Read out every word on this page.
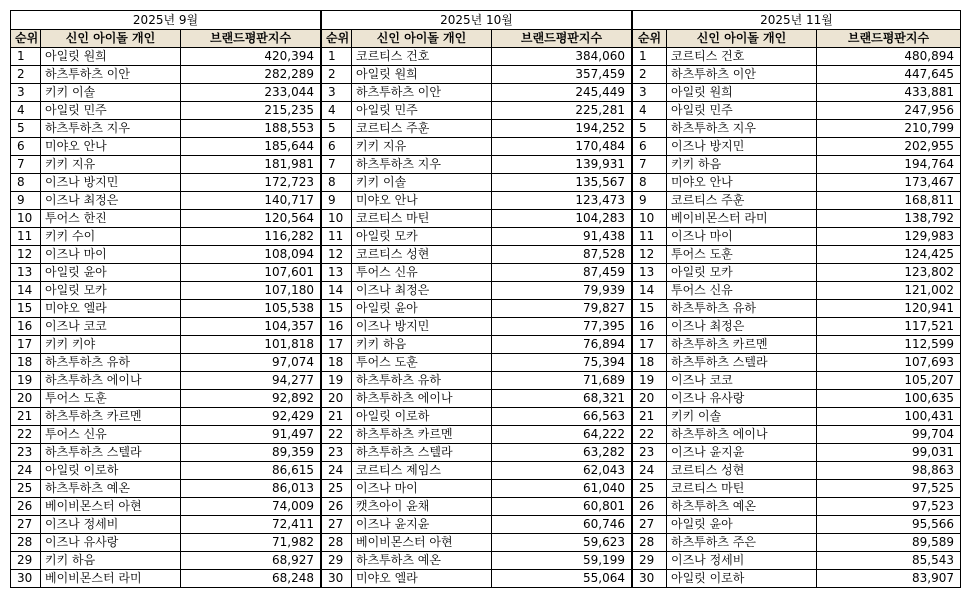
2025년 9월		
순위	신인 아이돌 개인	브랜드평판지수
1	아일릿 원희	420,394
2	하츠투하츠 이안	282,289
3	키키 이솔	233,044
4	아일릿 민주	215,235
5	하츠투하츠 지우	188,553
6	미야오 안나	185,644
7	키키 지유	181,981
8	이즈나 방지민	172,723
9	이즈나 최정은	140,717
10	투어스 한진	120,564
11	키키 수이	116,282
12	이즈나 마이	108,094
13	아일릿 윤아	107,601
14	아일릿 모카	107,180
15	미야오 엘라	105,538
16	이즈나 코코	104,357
17	키키 키야	101,818
18	하츠투하츠 유하	97,074
19	하츠투하츠 에이나	94,277
20	투어스 도훈	92,892
21	하츠투하츠 카르멘	92,429
22	투어스 신유	91,497
23	하츠투하츠 스텔라	89,359
24	아일릿 이로하	86,615
25	하츠투하츠 예온	86,013
26	베이비몬스터 아현	74,009
27	이즈나 정세비	72,411
28	이즈나 유사랑	71,982
29	키키 하음	68,927
30	베이비몬스터 라미	68,248
2025년 10월		
순위	신인 아이돌 개인	브랜드평판지수
1	코르티스 건호	384,060
2	아일릿 원희	357,459
3	하츠투하츠 이안	245,449
4	아일릿 민주	225,281
5	코르티스 주훈	194,252
6	키키 지유	170,484
7	하츠투하츠 지우	139,931
8	키키 이솔	135,567
9	미야오 안나	123,473
10	코르티스 마틴	104,283
11	아일릿 모카	91,438
12	코르티스 성현	87,528
13	투어스 신유	87,459
14	이즈나 최정은	79,939
15	아일릿 윤아	79,827
16	이즈나 방지민	77,395
17	키키 하음	76,894
18	투어스 도훈	75,394
19	하츠투하츠 유하	71,689
20	하츠투하츠 에이나	68,321
21	아일릿 이로하	66,563
22	하츠투하츠 카르멘	64,222
23	하츠투하츠 스텔라	63,282
24	코르티스 제임스	62,043
25	이즈나 마이	61,040
26	캣츠아이 윤채	60,801
27	이즈나 윤지윤	60,746
28	베이비몬스터 아현	59,623
29	하츠투하츠 예온	59,199
30	미야오 엘라	55,064
2025년 11월		
순위	신인 아이돌 개인	브랜드평판지수
1	코르티스 건호	480,894
2	하츠투하츠 이안	447,645
3	아일릿 원희	433,881
4	아일릿 민주	247,956
5	하츠투하츠 지우	210,799
6	이즈나 방지민	202,955
7	키키 하음	194,764
8	미야오 안나	173,467
9	코르티스 주훈	168,811
10	베이비몬스터 라미	138,792
11	이즈나 마이	129,983
12	투어스 도훈	124,425
13	아일릿 모카	123,802
14	투어스 신유	121,002
15	하츠투하츠 유하	120,941
16	이즈나 최정은	117,521
17	하츠투하츠 카르멘	112,599
18	하츠투하츠 스텔라	107,693
19	이즈나 코코	105,207
20	이즈나 유사랑	100,635
21	키키 이솔	100,431
22	하츠투하츠 에이나	99,704
23	이즈나 윤지윤	99,031
24	코르티스 성현	98,863
25	코르티스 마틴	97,525
26	하츠투하츠 예온	97,523
27	아일릿 윤아	95,566
28	하츠투하츠 주은	89,589
29	이즈나 정세비	85,543
30	아일릿 이로하	83,907
